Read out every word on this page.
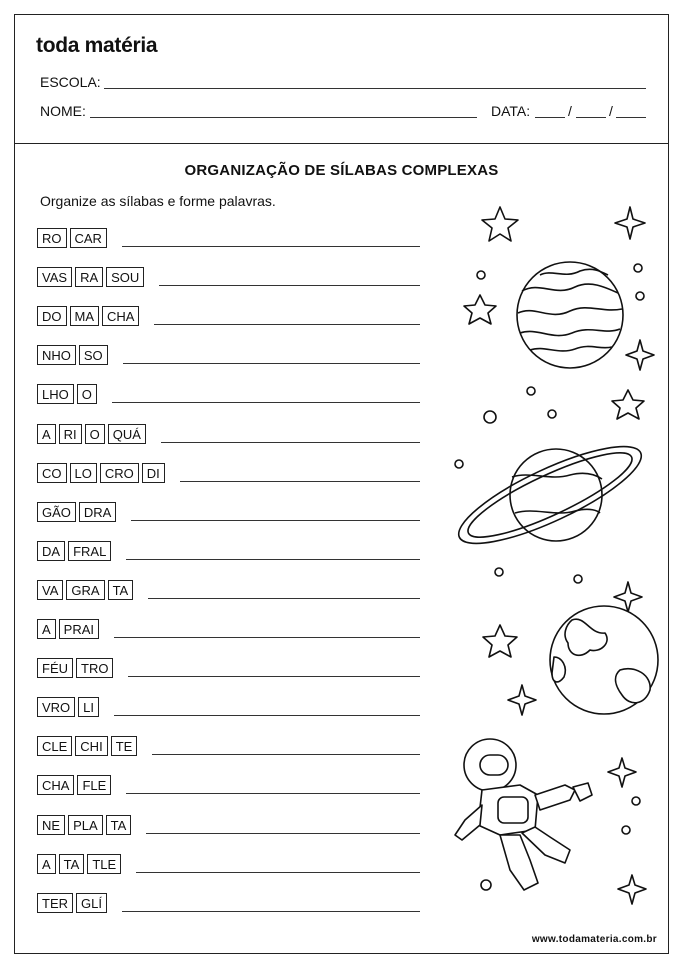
toda matéria
ESCOLA:
NOME:	DATA:	/	/
ORGANIZAÇÃO DE SÍLABAS COMPLEXAS
Organize as sílabas e forme palavras.
RO	CAR
VAS	RA	SOU
DO	MA	CHA
NHO	SO
LHO	O
A	RI	O	QUÁ
CO	LO	CRO	DI
GÃO	DRA
DA	FRAL
VA	GRA	TA
A	PRAI
FÉU	TRO
VRO	LI
CLE	CHI	TE
CHA	FLE
NE	PLA	TA
A	TA	TLE
TER	GLÍ
www.todamateria.com.br
